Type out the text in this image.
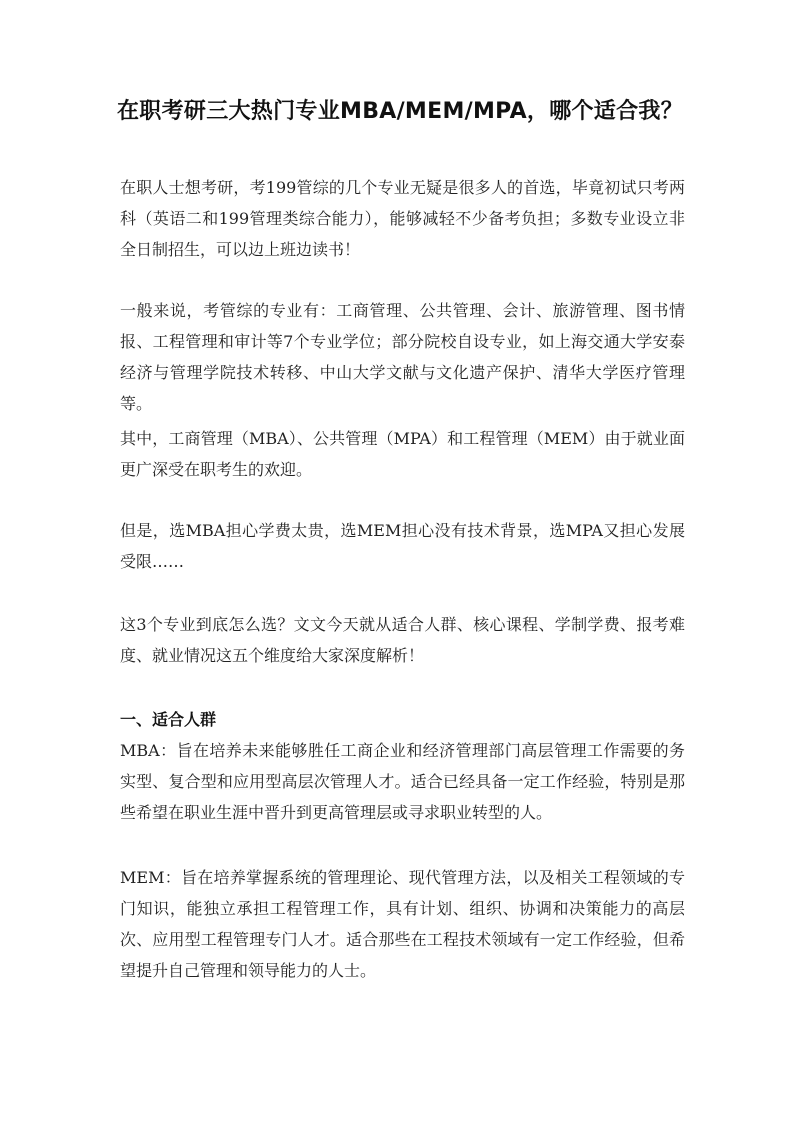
在职考研三大热门专业MBA/MEM/MPA，哪个适合我？

在职人士想考研，考199管综的几个专业无疑是很多人的首选，毕竟初试只考两科（英语二和199管理类综合能力），能够减轻不少备考负担；多数专业设立非全日制招生，可以边上班边读书！

一般来说，考管综的专业有：工商管理、公共管理、会计、旅游管理、图书情报、工程管理和审计等7个专业学位；部分院校自设专业，如上海交通大学安泰经济与管理学院技术转移、中山大学文献与文化遗产保护、清华大学医疗管理等。

其中，工商管理（MBA）、公共管理（MPA）和工程管理（MEM）由于就业面更广深受在职考生的欢迎。

但是，选MBA担心学费太贵，选MEM担心没有技术背景，选MPA又担心发展受限……

这3个专业到底怎么选？文文今天就从适合人群、核心课程、学制学费、报考难度、就业情况这五个维度给大家深度解析！

一、适合人群

MBA：旨在培养未来能够胜任工商企业和经济管理部门高层管理工作需要的务实型、复合型和应用型高层次管理人才。适合已经具备一定工作经验，特别是那些希望在职业生涯中晋升到更高管理层或寻求职业转型的人。

MEM：旨在培养掌握系统的管理理论、现代管理方法，以及相关工程领域的专门知识，能独立承担工程管理工作，具有计划、组织、协调和决策能力的高层次、应用型工程管理专门人才。适合那些在工程技术领域有一定工作经验，但希望提升自己管理和领导能力的人士。
